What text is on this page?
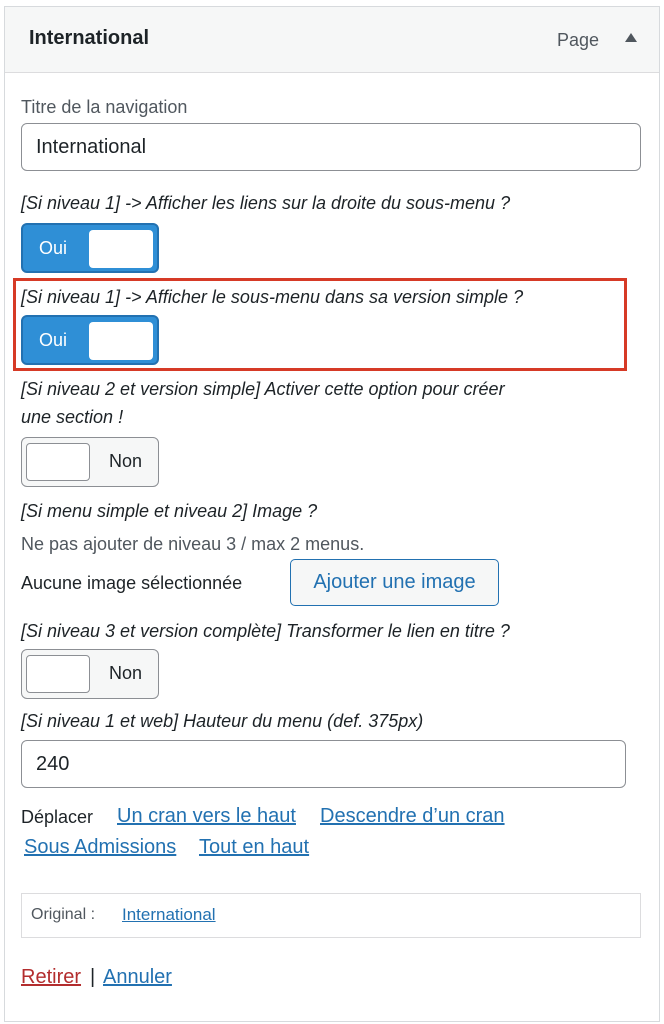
International	Page
Titre de la navigation
International
[Si niveau 1] -> Afficher les liens sur la droite du sous-menu ?
Oui
[Si niveau 1] -> Afficher le sous-menu dans sa version simple ?
Oui
[Si niveau 2 et version simple] Activer cette option pour créer
une section !
Non
[Si menu simple et niveau 2] Image ?
Ne pas ajouter de niveau 3 / max 2 menus.
Aucune image sélectionnée	Ajouter une image
[Si niveau 3 et version complète] Transformer le lien en titre ?
Non
[Si niveau 1 et web] Hauteur du menu (def. 375px)
240
Déplacer Un cran vers le haut Descendre d’un cran
Sous Admissions Tout en haut
Original : International
Retirer | Annuler
